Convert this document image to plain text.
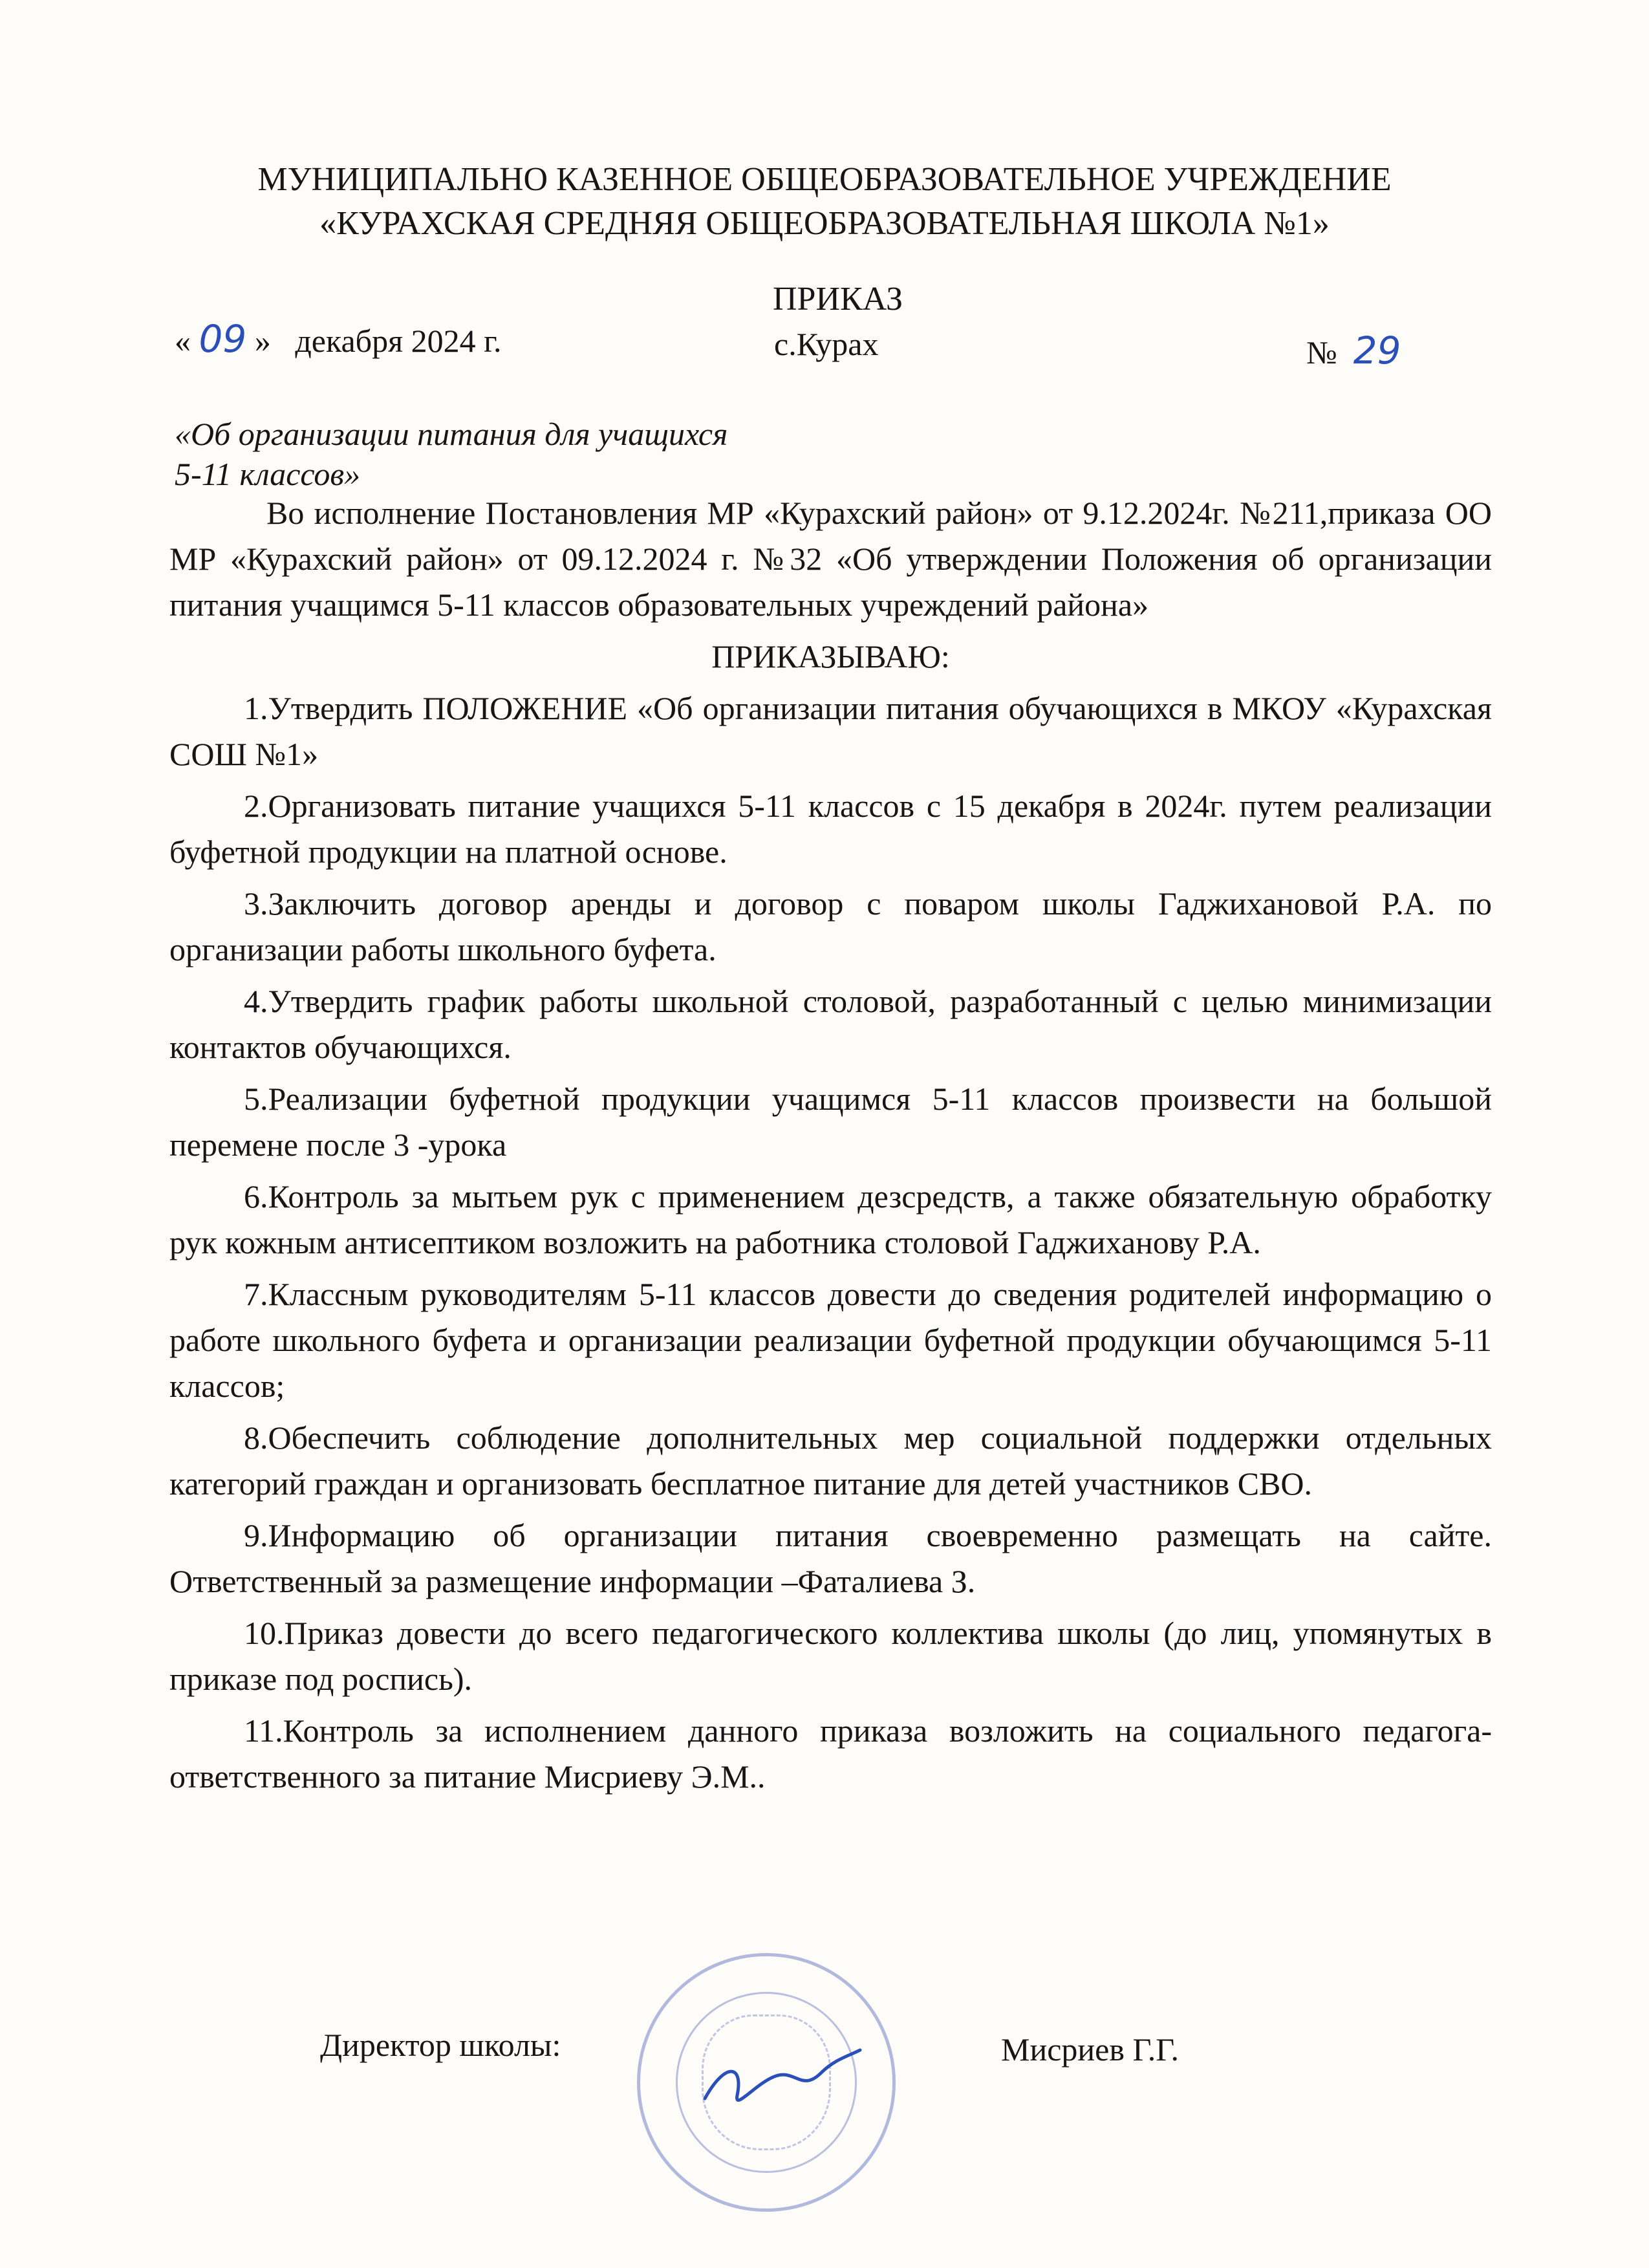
МУНИЦИПАЛЬНО КАЗЕННОЕ ОБЩЕОБРАЗОВАТЕЛЬНОЕ УЧРЕЖДЕНИЕ
«КУРАХСКАЯ СРЕДНЯЯ ОБЩЕОБРАЗОВАТЕЛЬНАЯ ШКОЛА №1»
ПРИКАЗ
« 09 » декабря 2024 г.	с.Курах	№ 29
«Об организации питания для учащихся
5-11 классов»

Во исполнение Постановления МР «Курахский район» от 9.12.2024г. №211,приказа ОО МР «Курахский район» от 09.12.2024 г. №32 «Об утверждении Положения об организации питания учащимся 5-11 классов образовательных учреждений района»

ПРИКАЗЫВАЮ:

1.Утвердить ПОЛОЖЕНИЕ «Об организации питания обучающихся в МКОУ «Курахская СОШ №1»

2.Организовать питание учащихся 5-11 классов с 15 декабря в 2024г. путем реализации буфетной продукции на платной основе.

3.Заключить договор аренды и договор с поваром школы Гаджихановой Р.А. по организации работы школьного буфета.

4.Утвердить график работы школьной столовой, разработанный с целью минимизации контактов обучающихся.

5.Реализации буфетной продукции учащимся 5-11 классов произвести на большой перемене после 3 -урока

6.Контроль за мытьем рук с применением дезсредств, а также обязательную обработку рук кожным антисептиком возложить на работника столовой Гаджиханову Р.А.

7.Классным руководителям 5-11 классов довести до сведения родителей информацию о работе школьного буфета и организации реализации буфетной продукции обучающимся 5-11 классов;

8.Обеспечить соблюдение дополнительных мер социальной поддержки отдельных категорий граждан и организовать бесплатное питание для детей участников СВО.

9.Информацию об организации питания своевременно размещать на сайте. Ответственный за размещение информации –Фаталиева З.

10.Приказ довести до всего педагогического коллектива школы (до лиц, упомянутых в приказе под роспись).

11.Контроль за исполнением данного приказа возложить на социального педагога-ответственного за питание Мисриеву Э.М..

Директор школы:	Мисриев Г.Г.
